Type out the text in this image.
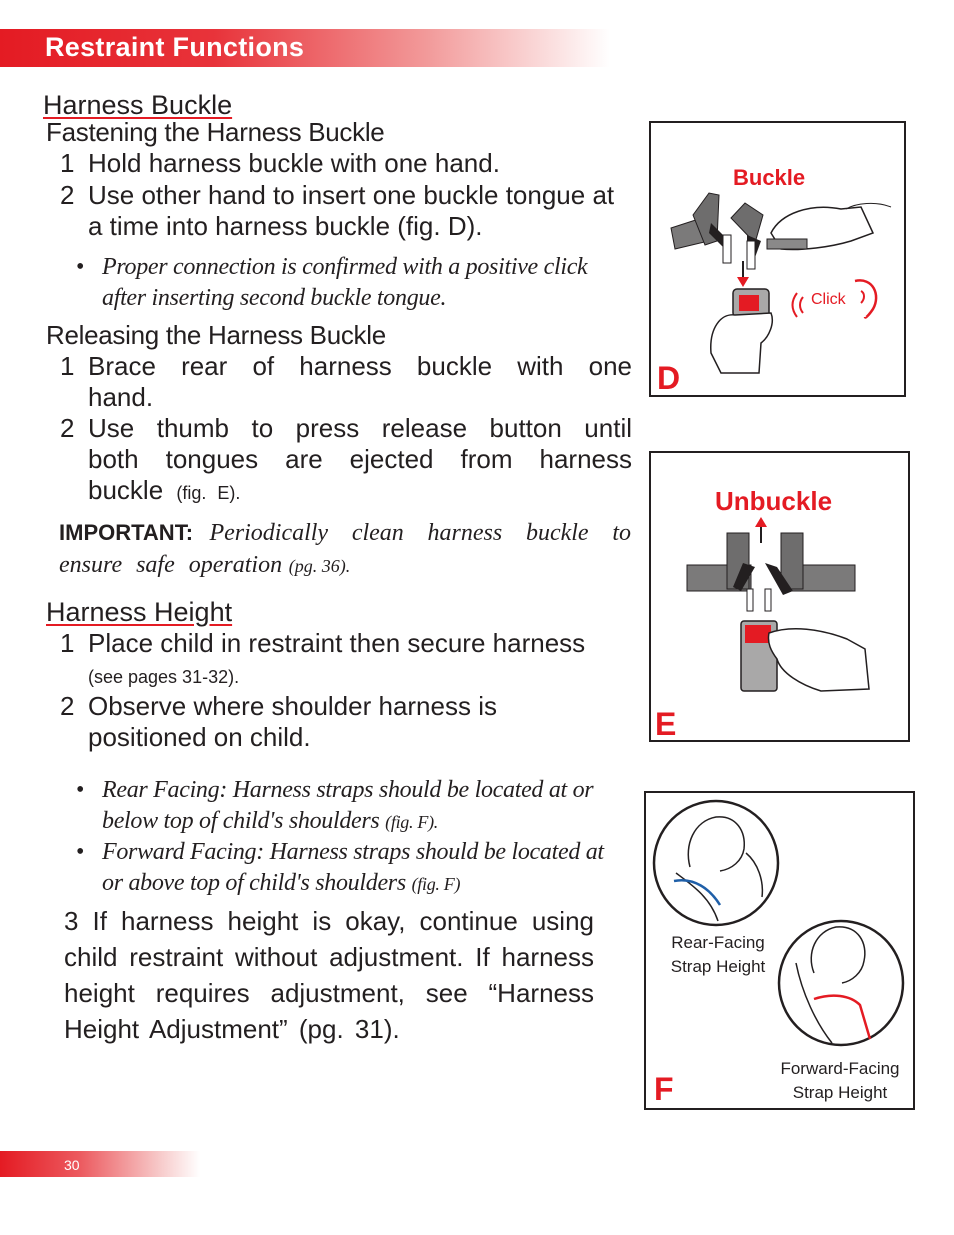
Restraint Functions
Harness Buckle
Fastening the Harness Buckle
1 Hold harness buckle with one hand.
2 Use other hand to insert one buckle tongue at a time into harness buckle (fig. D).
• Proper connection is confirmed with a positive click after inserting second buckle tongue.
Releasing the Harness Buckle
1 Brace rear of harness buckle with one hand.
2 Use thumb to press release button until both tongues are ejected from harness buckle (fig. E).
IMPORTANT: Periodically clean harness buckle to ensure safe operation (pg. 36).
Harness Height
1 Place child in restraint then secure harness
(see pages 31-32).
2 Observe where shoulder harness is positioned on child.
• Rear Facing: Harness straps should be located at or below top of child's shoulders (fig. F).
• Forward Facing: Harness straps should be located at or above top of child's shoulders (fig. F)
3 If harness height is okay, continue using child restraint without adjustment. If harness height requires adjustment, see “Harness Height Adjustment” (pg. 31).
Buckle
Click
D
Unbuckle
E
Rear-Facing
Strap Height
Forward-Facing
Strap Height
F
30
